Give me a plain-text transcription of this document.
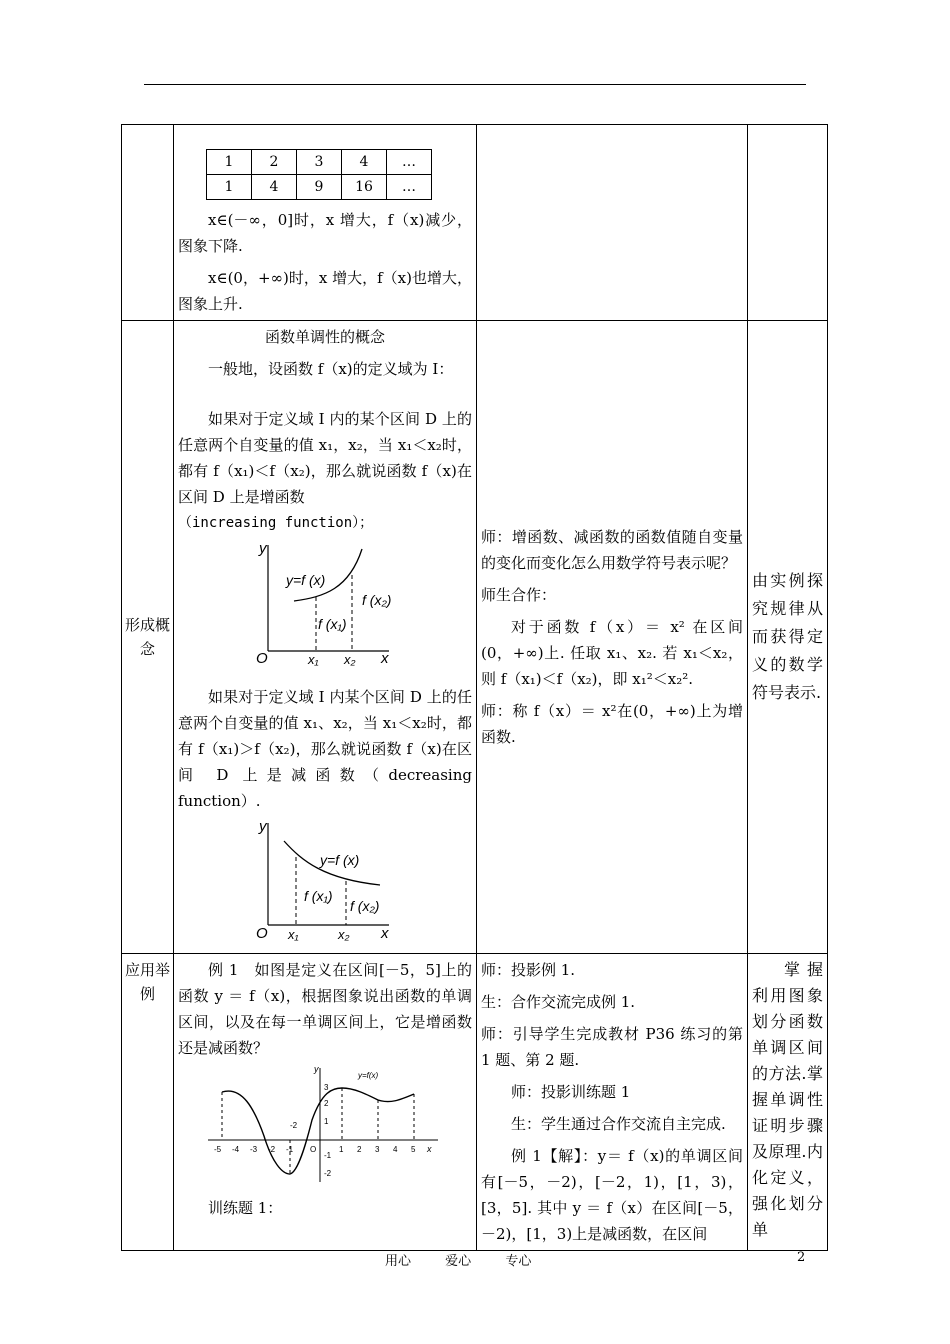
1	2	3	4	…
1	4	9	16	…
x∈(－∞，0]时，x 增大，f（x)减少，图象下降.
x∈(0，+∞)时，x 增大，f（x)也增大， 图象上升.

形成概念

函数单调性的概念
一般地，设函数 f（x)的定义域为 I：
如果对于定义域 I 内的某个区间 D 上的任意两个自变量的值 x₁，x₂，当 x₁＜x₂时，都有 f（x₁)＜f（x₂)，那么就说函数 f（x)在区间 D 上是增函数
（increasing function）；
y
x
O
y=f (x)
f (x₂)
f (x₁)
x₁ x₂
如果对于定义域 I 内某个区间 D 上的任意两个自变量的值 x₁、x₂，当 x₁＜x₂时，都有 f（x₁)＞f（x₂)，那么就说函数 f（x)在区间 D 上是减函数（decreasing function）.
y
x
O
y=f (x)
f (x₁)
f (x₂)
x₁	x₂

师：增函数、减函数的函数值随自变量的变化而变化怎么用数学符号表示呢？
师生合作：
对于函数 f（x）＝ x² 在区间(0，+∞)上. 任取 x₁、x₂. 若 x₁＜x₂，则 f（x₁)＜f（x₂)，即 x₁²＜x₂².
师：称 f（x）＝ x²在(0，+∞)上为增函数.

由实例探究规律从而获得定义的数学符号表示.

应用举例

例 1　如图是定义在区间[－5，5]上的函数 y ＝ f（x)，根据图象说出函数的单调区间，以及在每一单调区间上，它是增函数还是减函数？
x
y
y=f(x)
-2
-5 -4 -3 -2 -1 O	1 2 3 4 5
3
2
1
-1
-2
训练题 1：

师：投影例 1.
生：合作交流完成例 1.
师：引导学生完成教材 P36 练习的第 1 题、第 2 题.
师：投影训练题 1
生：学生通过合作交流自主完成.
例 1【解】：y＝ f（x)的单调区间有[－5，－2)，[－2，1)，[1，3)，[3，5]. 其中 y ＝ f（x）在区间[－5，－2)，[1，3)上是减函数，在区间

掌握利用图象划分函数单调区间的方法.掌握单调性证明步骤及原理.内化定义，强化划分单
用心	爱心	专心	2
